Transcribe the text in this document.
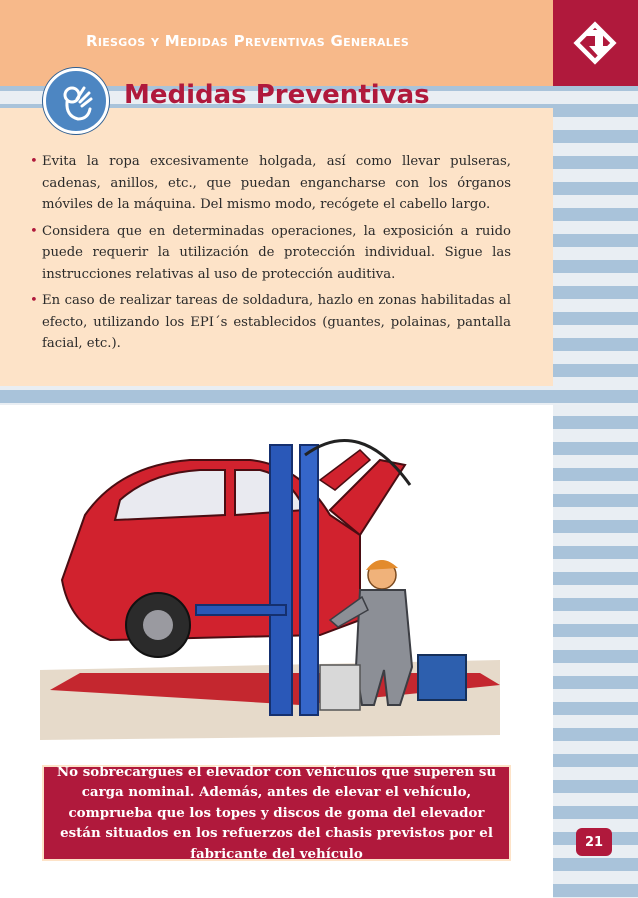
Riesgos y Medidas Preventivas Generales
Medidas Preventivas
• Evita la ropa excesivamente holgada, así como llevar pulseras, cadenas, anillos, etc., que puedan engancharse con los órganos móviles de la máquina. Del mismo modo, recógete el cabello largo.
• Considera que en determinadas operaciones, la exposición a ruido puede requerir la utilización de protección individual. Sigue las instrucciones relativas al uso de protección auditiva.
• En caso de realizar tareas de soldadura, hazlo en zonas habilitadas al efecto, utilizando los EPI´s establecidos (guantes, polainas, pantalla facial, etc.).
No sobrecargues el elevador con vehículos que superen su carga nominal. Además, antes de elevar el vehículo, comprueba que los topes y discos de goma del elevador están situados en los refuerzos del chasis previstos por el fabricante del vehículo
21
